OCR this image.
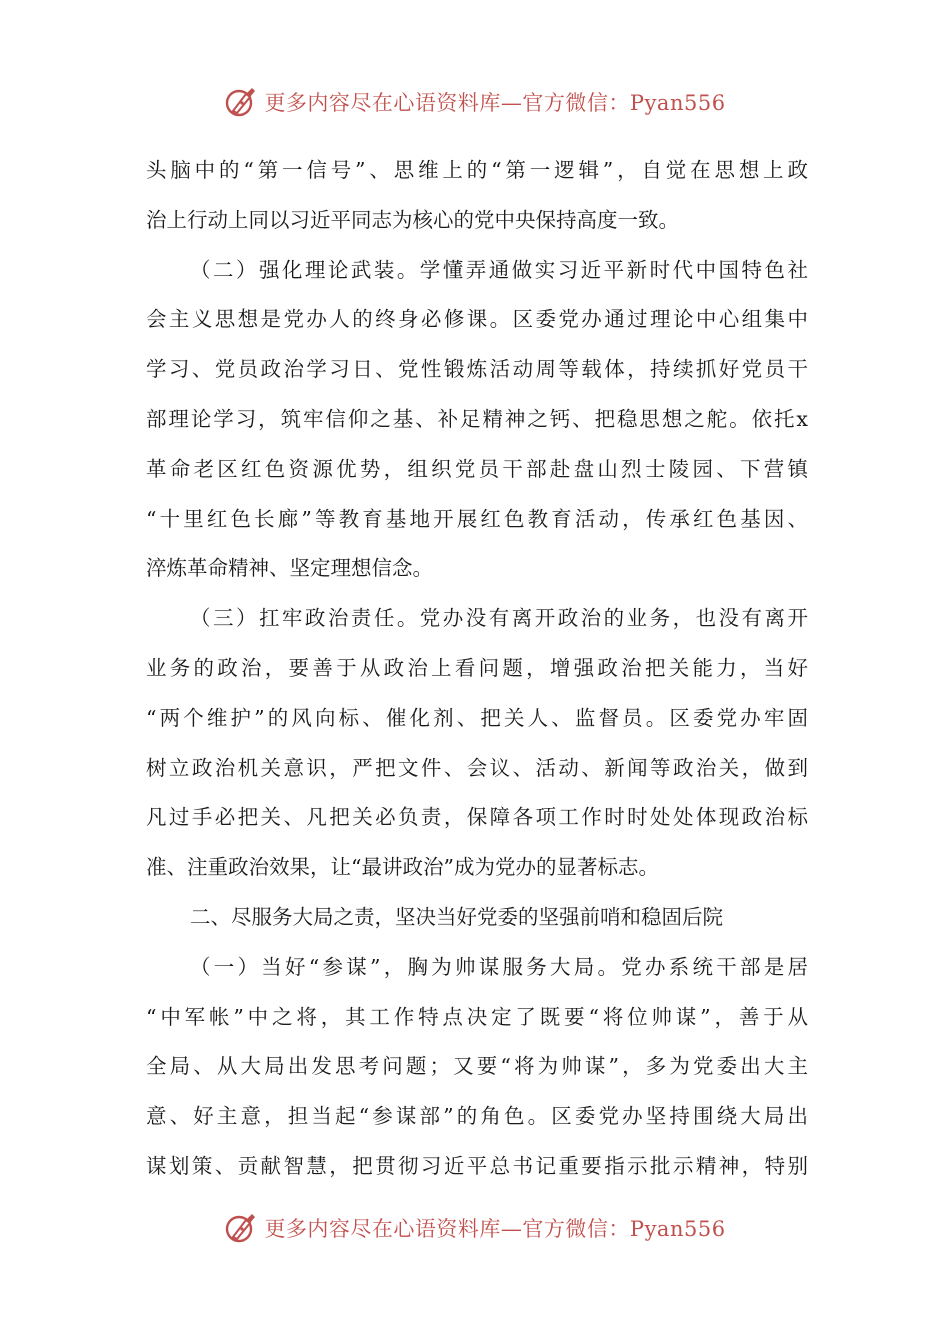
更多内容尽在心语资料库—官方微信：Pyan556
头脑中的“第一信号”、思维上的“第一逻辑”，自觉在思想上政
治上行动上同以习近平同志为核心的党中央保持高度一致。
（二）强化理论武装。学懂弄通做实习近平新时代中国特色社
会主义思想是党办人的终身必修课。区委党办通过理论中心组集中
学习、党员政治学习日、党性锻炼活动周等载体，持续抓好党员干
部理论学习，筑牢信仰之基、补足精神之钙、把稳思想之舵。依托x
革命老区红色资源优势，组织党员干部赴盘山烈士陵园、下营镇
“十里红色长廊”等教育基地开展红色教育活动，传承红色基因、
淬炼革命精神、坚定理想信念。
（三）扛牢政治责任。党办没有离开政治的业务，也没有离开
业务的政治，要善于从政治上看问题，增强政治把关能力，当好
“两个维护”的风向标、催化剂、把关人、监督员。区委党办牢固
树立政治机关意识，严把文件、会议、活动、新闻等政治关，做到
凡过手必把关、凡把关必负责，保障各项工作时时处处体现政治标
准、注重政治效果，让“最讲政治”成为党办的显著标志。
二、尽服务大局之责，坚决当好党委的坚强前哨和稳固后院
（一）当好“参谋”，胸为帅谋服务大局。党办系统干部是居
“中军帐”中之将，其工作特点决定了既要“将位帅谋”，善于从
全局、从大局出发思考问题；又要“将为帅谋”，多为党委出大主
意、好主意，担当起“参谋部”的角色。区委党办坚持围绕大局出
谋划策、贡献智慧，把贯彻习近平总书记重要指示批示精神，特别
更多内容尽在心语资料库—官方微信：Pyan556
